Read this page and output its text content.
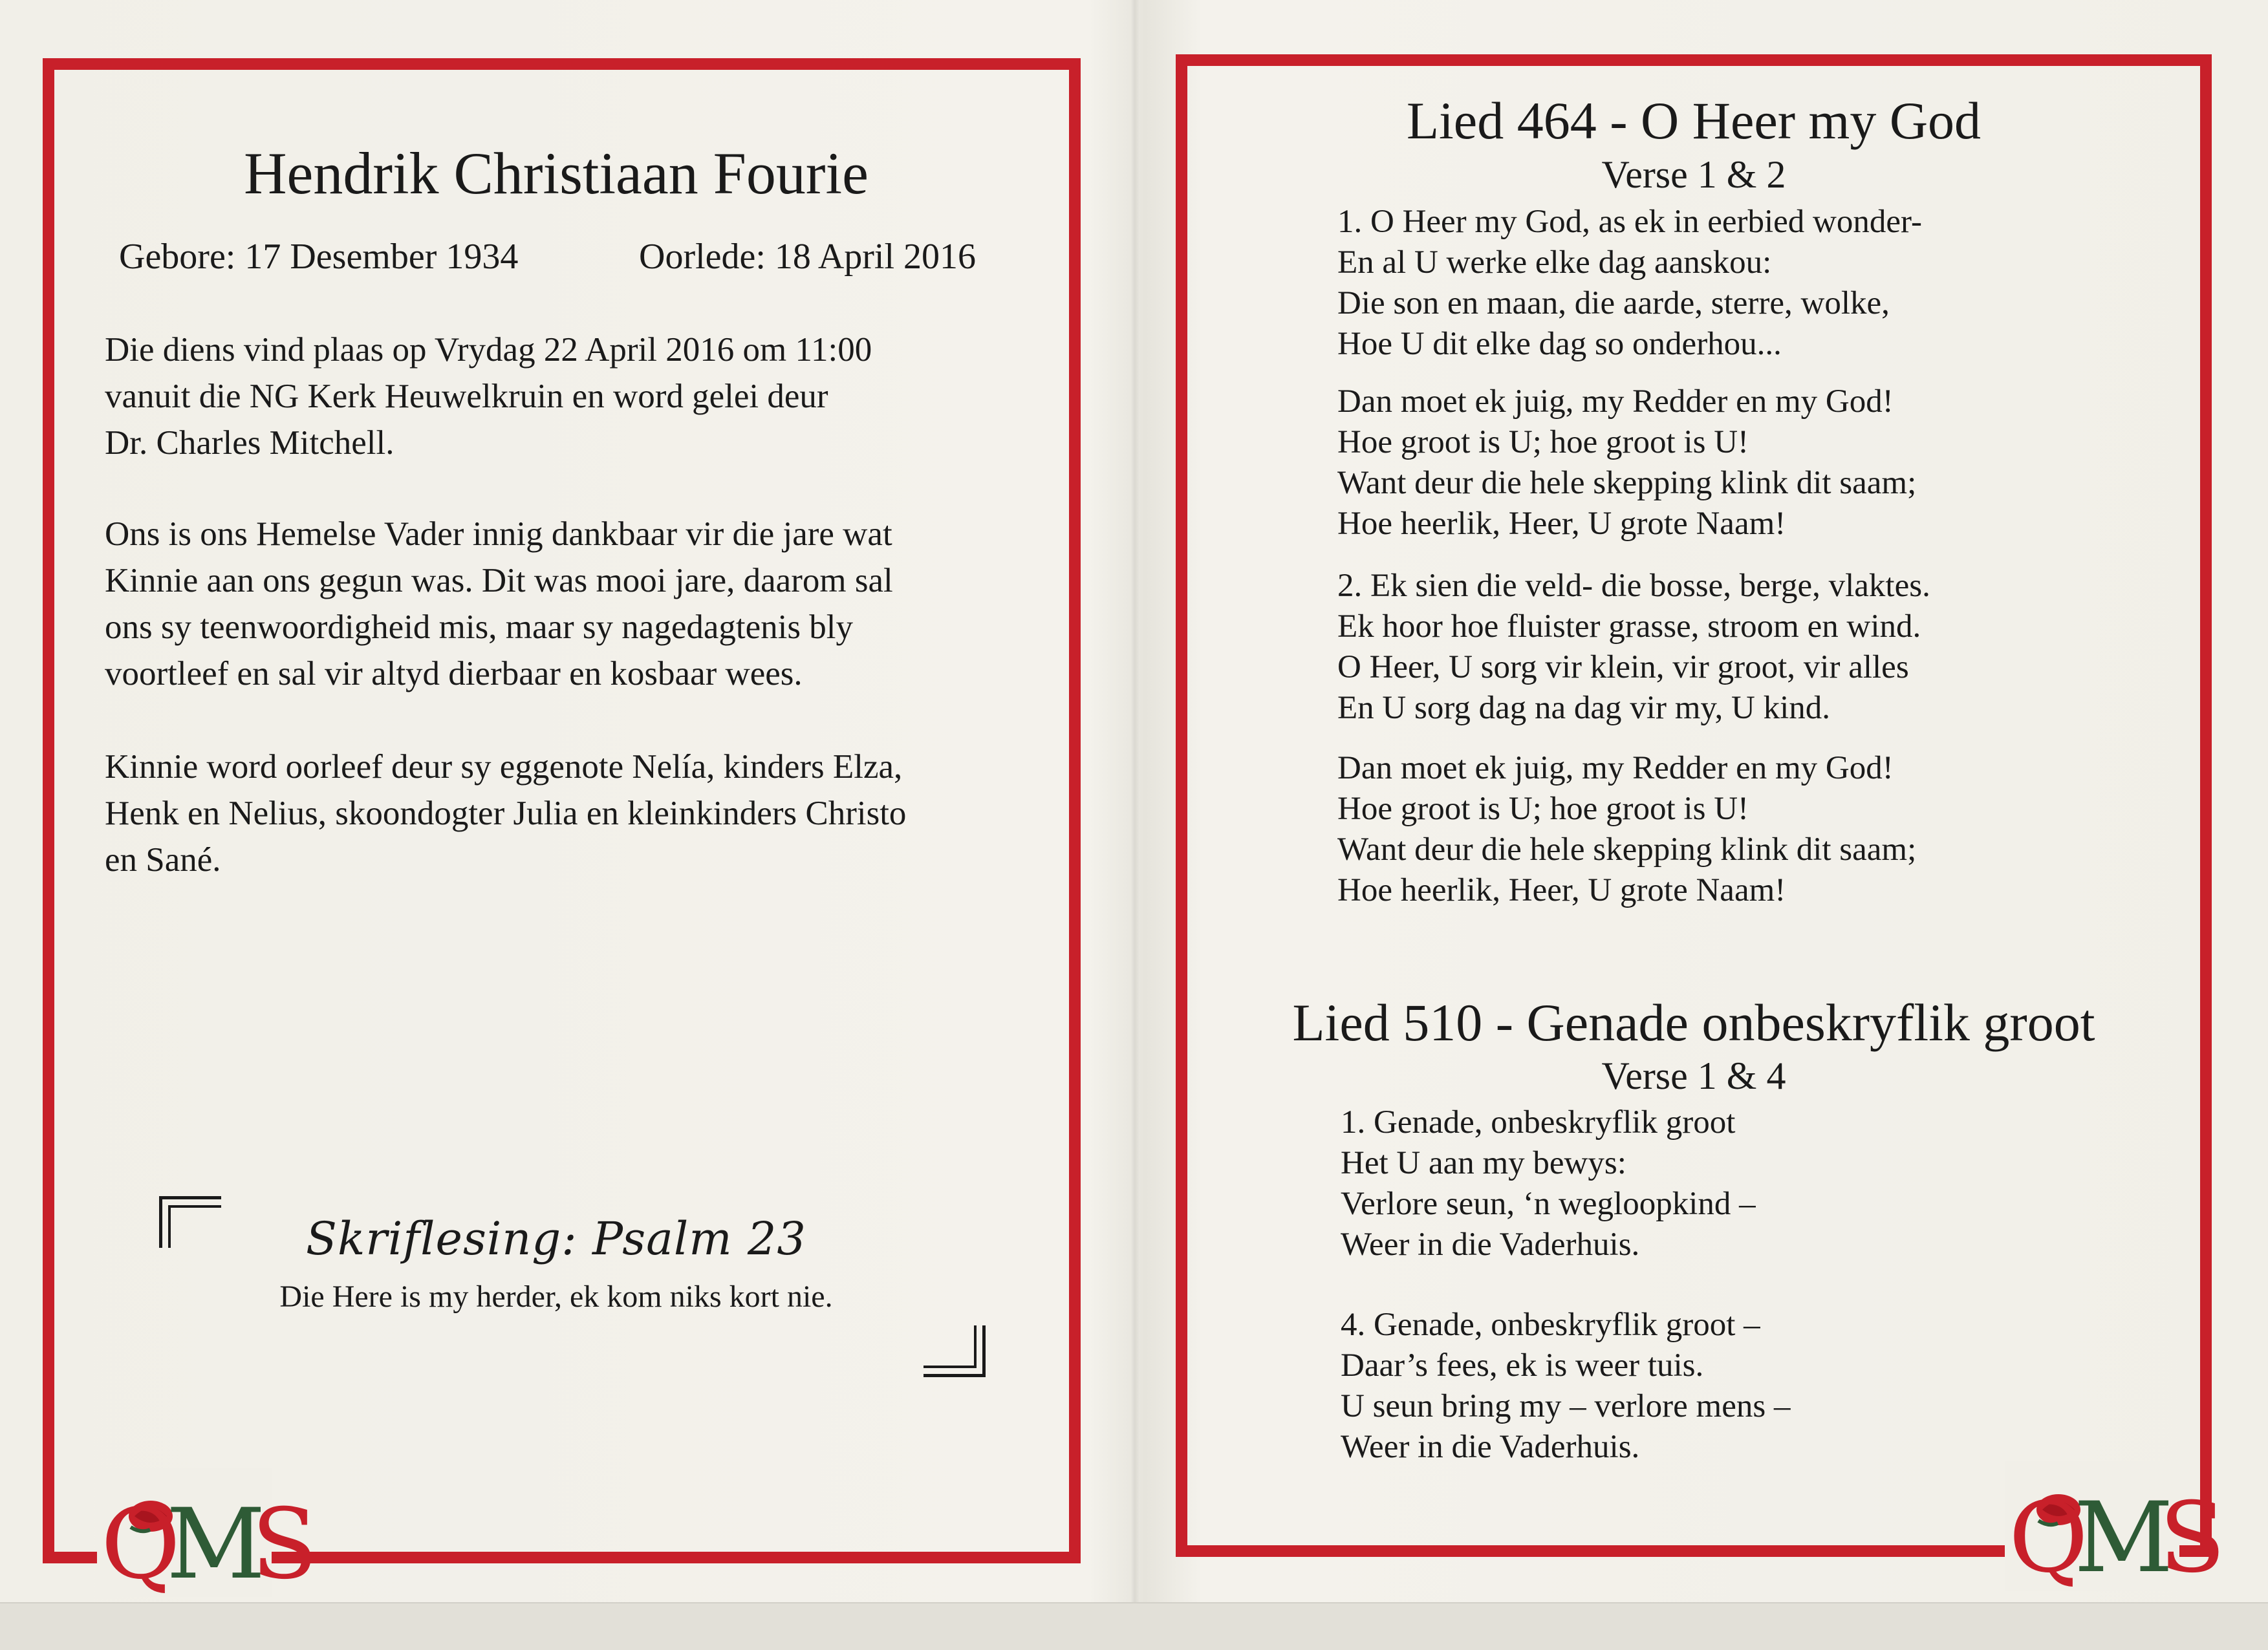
Hendrik Christiaan Fourie
Gebore: 17 Desember 1934	Oorlede: 18 April 2016
Die diens vind plaas op Vrydag 22 April 2016 om 11:00
vanuit die NG Kerk Heuwelkruin en word gelei deur
Dr. Charles Mitchell.
Ons is ons Hemelse Vader innig dankbaar vir die jare wat
Kinnie aan ons gegun was. Dit was mooi jare, daarom sal
ons sy teenwoordigheid mis, maar sy nagedagtenis bly
voortleef en sal vir altyd dierbaar en kosbaar wees.
Kinnie word oorleef deur sy eggenote Nelía, kinders Elza,
Henk en Nelius, skoondogter Julia en kleinkinders Christo
en Sané.
Skriflesing: Psalm 23
Die Here is my herder, ek kom niks kort nie.
QMS
Lied 464 - O Heer my God
Verse 1 & 2
1. O Heer my God, as ek in eerbied wonder-
En al U werke elke dag aanskou:
Die son en maan, die aarde, sterre, wolke,
Hoe U dit elke dag so onderhou...
Dan moet ek juig, my Redder en my God!
Hoe groot is U; hoe groot is U!
Want deur die hele skepping klink dit saam;
Hoe heerlik, Heer, U grote Naam!
2. Ek sien die veld- die bosse, berge, vlaktes.
Ek hoor hoe fluister grasse, stroom en wind.
O Heer, U sorg vir klein, vir groot, vir alles
En U sorg dag na dag vir my, U kind.
Dan moet ek juig, my Redder en my God!
Hoe groot is U; hoe groot is U!
Want deur die hele skepping klink dit saam;
Hoe heerlik, Heer, U grote Naam!
Lied 510 - Genade onbeskryflik groot
Verse 1 & 4
1. Genade, onbeskryflik groot
Het U aan my bewys:
Verlore seun, ‘n wegloopkind –
Weer in die Vaderhuis.
4. Genade, onbeskryflik groot –
Daar’s fees, ek is weer tuis.
U seun bring my – verlore mens –
Weer in die Vaderhuis.
QMS
